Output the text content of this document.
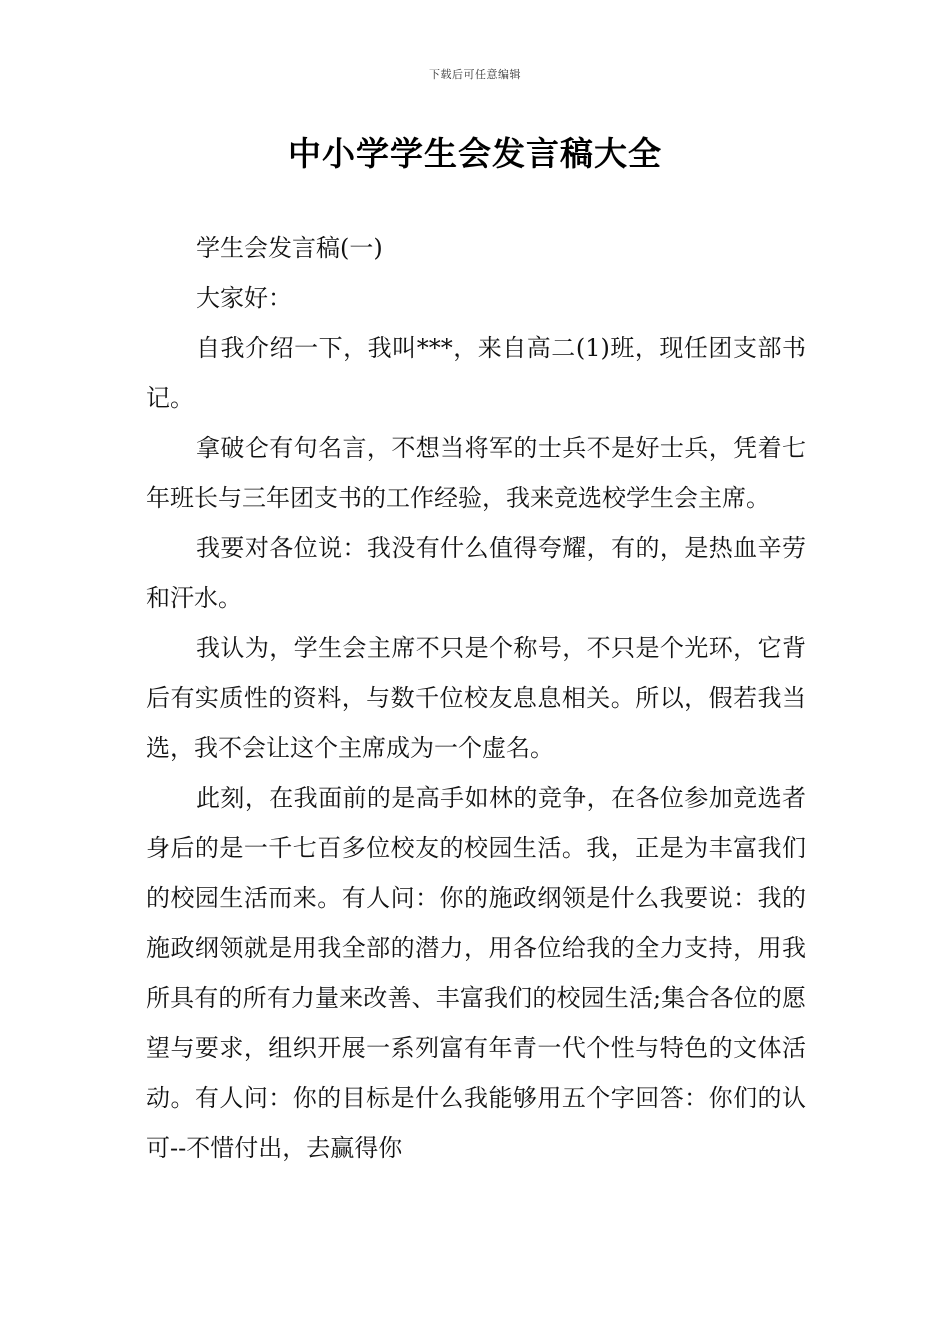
下载后可任意编辑
中小学学生会发言稿大全

学生会发言稿(一)

大家好：

自我介绍一下，我叫***，来自高二(1)班，现任团支部书记。

拿破仑有句名言，不想当将军的士兵不是好士兵，凭着七年班长与三年团支书的工作经验，我来竞选校学生会主席。

我要对各位说：我没有什么值得夸耀，有的，是热血辛劳和汗水。

我认为，学生会主席不只是个称号，不只是个光环，它背后有实质性的资料，与数千位校友息息相关。所以，假若我当选，我不会让这个主席成为一个虚名。

此刻，在我面前的是高手如林的竞争，在各位参加竞选者身后的是一千七百多位校友的校园生活。我，正是为丰富我们的校园生活而来。有人问：你的施政纲领是什么我要说：我的施政纲领就是用我全部的潜力，用各位给我的全力支持，用我所具有的所有力量来改善、丰富我们的校园生活;集合各位的愿望与要求，组织开展一系列富有年青一代个性与特色的文体活动。有人问：你的目标是什么我能够用五个字回答：你们的认可--不惜付出，去赢得你
